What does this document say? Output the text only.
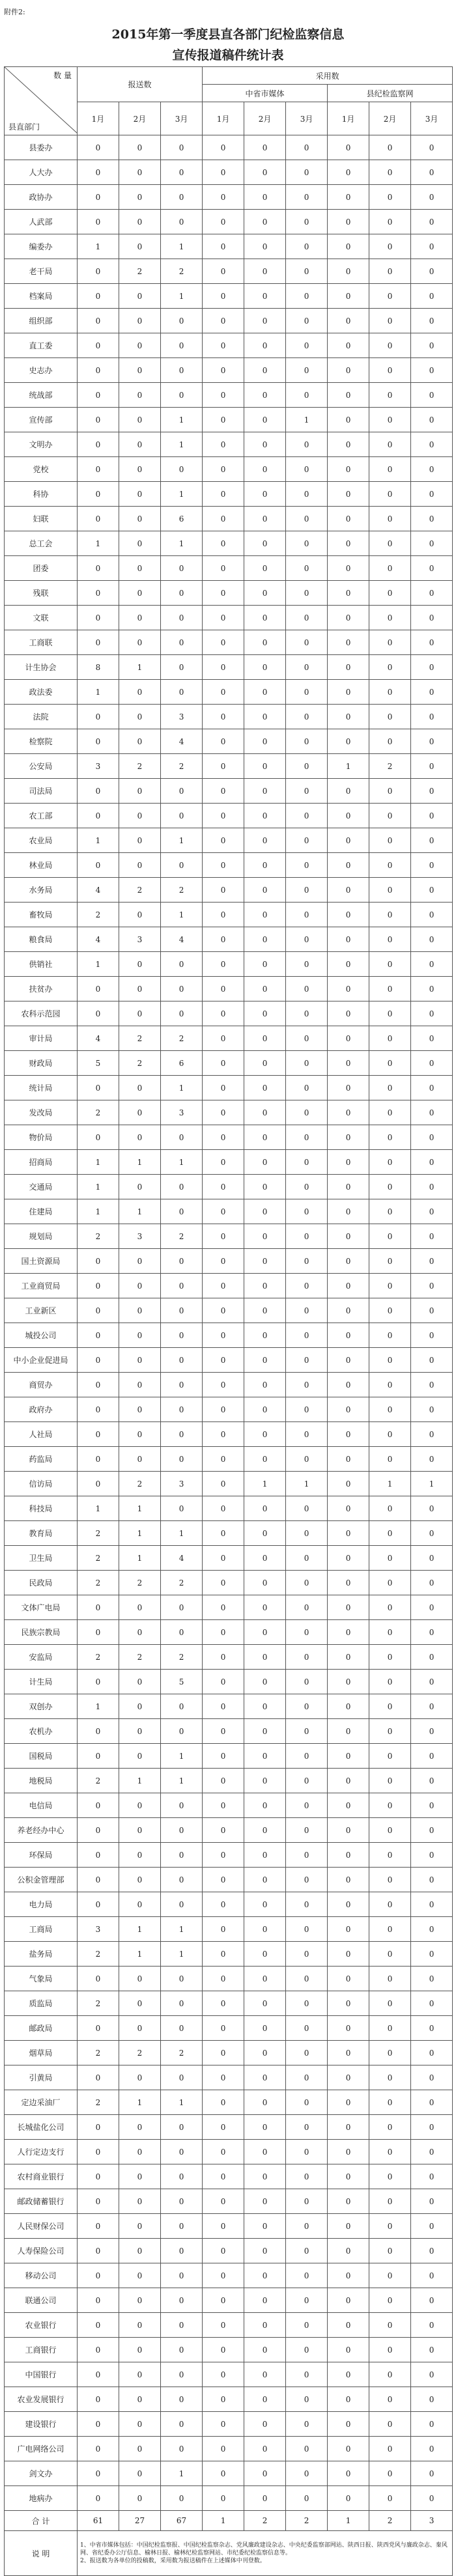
附件2:
2015年第一季度县直各部门纪检监察信息
宣传报道稿件统计表
数 量
县直部门	报送数			采用数					
				中省市媒体			县纪检监察网		
	1月	2月	3月	1月	2月	3月	1月	2月	3月
县委办	0	0	0	0	0	0	0	0	0
人大办	0	0	0	0	0	0	0	0	0
政协办	0	0	0	0	0	0	0	0	0
人武部	0	0	0	0	0	0	0	0	0
编委办	1	0	1	0	0	0	0	0	0
老干局	0	2	2	0	0	0	0	0	0
档案局	0	0	1	0	0	0	0	0	0
组织部	0	0	0	0	0	0	0	0	0
直工委	0	0	0	0	0	0	0	0	0
史志办	0	0	0	0	0	0	0	0	0
统战部	0	0	0	0	0	0	0	0	0
宣传部	0	0	1	0	0	1	0	0	0
文明办	0	0	1	0	0	0	0	0	0
党校	0	0	0	0	0	0	0	0	0
科协	0	0	1	0	0	0	0	0	0
妇联	0	0	6	0	0	0	0	0	0
总工会	1	0	1	0	0	0	0	0	0
团委	0	0	0	0	0	0	0	0	0
残联	0	0	0	0	0	0	0	0	0
文联	0	0	0	0	0	0	0	0	0
工商联	0	0	0	0	0	0	0	0	0
计生协会	8	1	0	0	0	0	0	0	0
政法委	1	0	0	0	0	0	0	0	0
法院	0	0	3	0	0	0	0	0	0
检察院	0	0	4	0	0	0	0	0	0
公安局	3	2	2	0	0	0	1	2	0
司法局	0	0	0	0	0	0	0	0	0
农工部	0	0	0	0	0	0	0	0	0
农业局	1	0	1	0	0	0	0	0	0
林业局	0	0	0	0	0	0	0	0	0
水务局	4	2	2	0	0	0	0	0	0
畜牧局	2	0	1	0	0	0	0	0	0
粮食局	4	3	4	0	0	0	0	0	0
供销社	1	0	0	0	0	0	0	0	0
扶贫办	0	0	0	0	0	0	0	0	0
农科示范园	0	0	0	0	0	0	0	0	0
审计局	4	2	2	0	0	0	0	0	0
财政局	5	2	6	0	0	0	0	0	0
统计局	0	0	1	0	0	0	0	0	0
发改局	2	0	3	0	0	0	0	0	0
物价局	0	0	0	0	0	0	0	0	0
招商局	1	1	1	0	0	0	0	0	0
交通局	1	0	0	0	0	0	0	0	0
住建局	1	1	0	0	0	0	0	0	0
规划局	2	3	2	0	0	0	0	0	0
国土资源局	0	0	0	0	0	0	0	0	0
工业商贸局	0	0	0	0	0	0	0	0	0
工业新区	0	0	0	0	0	0	0	0	0
城投公司	0	0	0	0	0	0	0	0	0
中小企业促进局	0	0	0	0	0	0	0	0	0
商贸办	0	0	0	0	0	0	0	0	0
政府办	0	0	0	0	0	0	0	0	0
人社局	0	0	0	0	0	0	0	0	0
药监局	0	0	0	0	0	0	0	0	0
信访局	0	2	3	0	1	1	0	1	1
科技局	1	1	0	0	0	0	0	0	0
教育局	2	1	1	0	0	0	0	0	0
卫生局	2	1	4	0	0	0	0	0	0
民政局	2	2	2	0	0	0	0	0	0
文体广电局	0	0	0	0	0	0	0	0	0
民族宗教局	0	0	0	0	0	0	0	0	0
安监局	2	2	2	0	0	0	0	0	0
计生局	0	0	5	0	0	0	0	0	0
双创办	1	0	0	0	0	0	0	0	0
农机办	0	0	0	0	0	0	0	0	0
国税局	0	0	1	0	0	0	0	0	0
地税局	2	1	1	0	0	0	0	0	0
电信局	0	0	0	0	0	0	0	0	0
养老经办中心	0	0	0	0	0	0	0	0	0
环保局	0	0	0	0	0	0	0	0	0
公积金管理部	0	0	0	0	0	0	0	0	0
电力局	0	0	0	0	0	0	0	0	0
工商局	3	1	1	0	0	0	0	0	0
盐务局	2	1	1	0	0	0	0	0	0
气象局	0	0	0	0	0	0	0	0	0
质监局	2	0	0	0	0	0	0	0	0
邮政局	0	0	0	0	0	0	0	0	0
烟草局	2	2	2	0	0	0	0	0	0
引黄局	0	0	0	0	0	0	0	0	0
定边采油厂	2	1	1	0	0	0	0	0	0
长城盐化公司	0	0	0	0	0	0	0	0	0
人行定边支行	0	0	0	0	0	0	0	0	0
农村商业银行	0	0	0	0	0	0	0	0	0
邮政储蓄银行	0	0	0	0	0	0	0	0	0
人民财保公司	0	0	0	0	0	0	0	0	0
人寿保险公司	0	0	0	0	0	0	0	0	0
移动公司	0	0	0	0	0	0	0	0	0
联通公司	0	0	0	0	0	0	0	0	0
农业银行	0	0	0	0	0	0	0	0	0
工商银行	0	0	0	0	0	0	0	0	0
中国银行	0	0	0	0	0	0	0	0	0
农业发展银行	0	0	0	0	0	0	0	0	0
建设银行	0	0	0	0	0	0	0	0	0
广电网络公司	0	0	0	0	0	0	0	0	0
剑文办	0	0	1	0	0	0	0	0	0
地病办	0	0	0	0	0	0	0	0	0
合 计	61	27	67	1	2	2	1	2	3
说 明	1、中省市媒体包括：中国纪检监察报、中国纪检监察杂志、党风廉政建设杂志、中央纪委监察部网站、陕西日报、陕西党风与廉政杂志、秦风网、省纪委办公厅信息、榆林日报、榆林纪检监察网站、市纪委纪检监察信息等。
2、报送数为各单位的投稿数，采用数为报送稿件在上述媒体中刊登数。								
